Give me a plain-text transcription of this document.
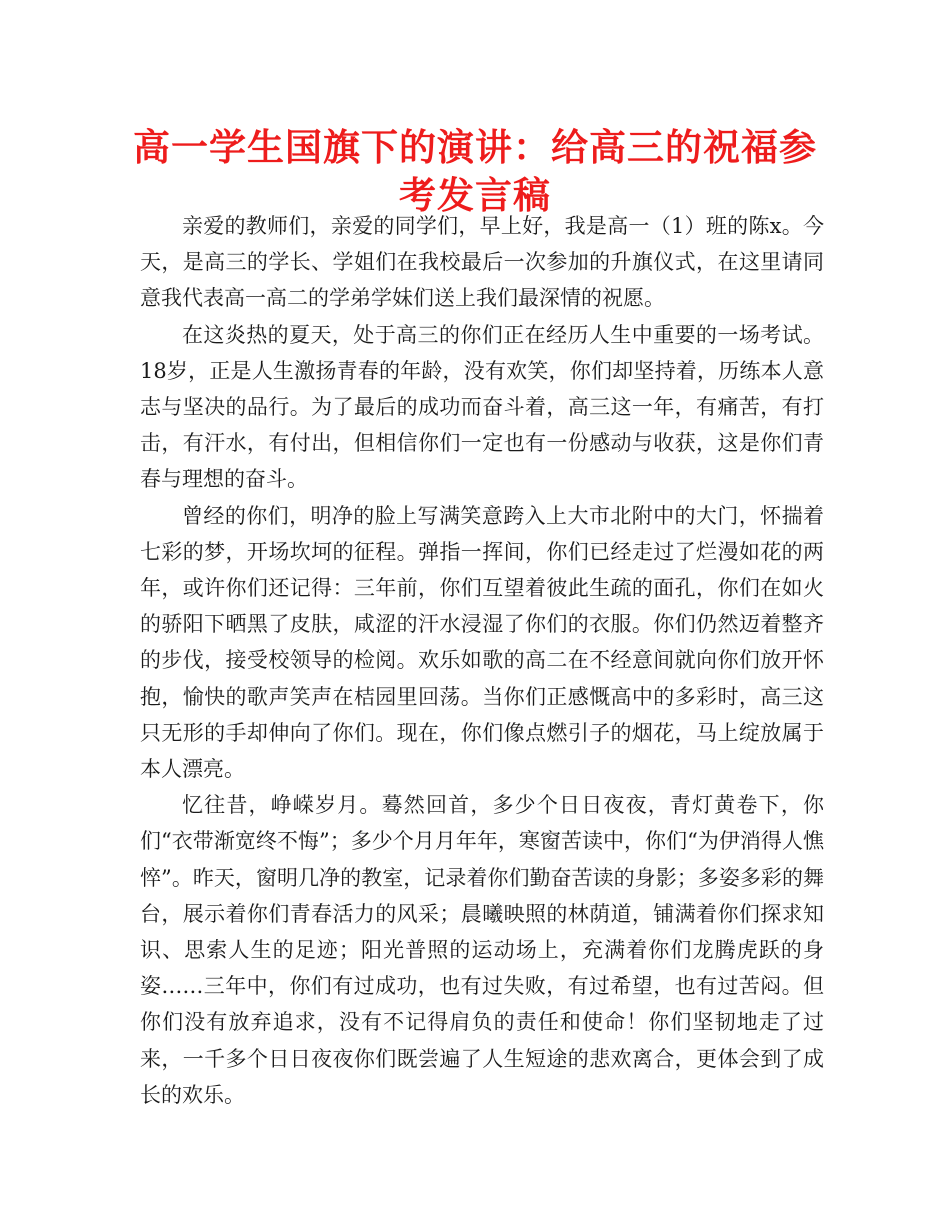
高一学生国旗下的演讲：给高三的祝福参考发言稿

亲爱的教师们，亲爱的同学们，早上好，我是高一（1）班的陈x。今天，是高三的学长、学姐们在我校最后一次参加的升旗仪式，在这里请同意我代表高一高二的学弟学妹们送上我们最深情的祝愿。

在这炎热的夏天，处于高三的你们正在经历人生中重要的一场考试。18岁，正是人生激扬青春的年龄，没有欢笑，你们却坚持着，历练本人意志与坚决的品行。为了最后的成功而奋斗着，高三这一年，有痛苦，有打击，有汗水，有付出，但相信你们一定也有一份感动与收获，这是你们青春与理想的奋斗。

曾经的你们，明净的脸上写满笑意跨入上大市北附中的大门，怀揣着七彩的梦，开场坎坷的征程。弹指一挥间，你们已经走过了烂漫如花的两年，或许你们还记得：三年前，你们互望着彼此生疏的面孔，你们在如火的骄阳下晒黑了皮肤，咸涩的汗水浸湿了你们的衣服。你们仍然迈着整齐的步伐，接受校领导的检阅。欢乐如歌的高二在不经意间就向你们放开怀抱，愉快的歌声笑声在桔园里回荡。当你们正感慨高中的多彩时，高三这只无形的手却伸向了你们。现在，你们像点燃引子的烟花，马上绽放属于本人漂亮。

忆往昔，峥嵘岁月。蓦然回首，多少个日日夜夜，青灯黄卷下，你们“衣带渐宽终不悔”；多少个月月年年，寒窗苦读中，你们“为伊消得人憔悴”。昨天，窗明几净的教室，记录着你们勤奋苦读的身影；多姿多彩的舞台，展示着你们青春活力的风采；晨曦映照的林荫道，铺满着你们探求知识、思索人生的足迹；阳光普照的运动场上，充满着你们龙腾虎跃的身姿……三年中，你们有过成功，也有过失败，有过希望，也有过苦闷。但你们没有放弃追求，没有不记得肩负的责任和使命！你们坚韧地走了过来，一千多个日日夜夜你们既尝遍了人生短途的悲欢离合，更体会到了成长的欢乐。
